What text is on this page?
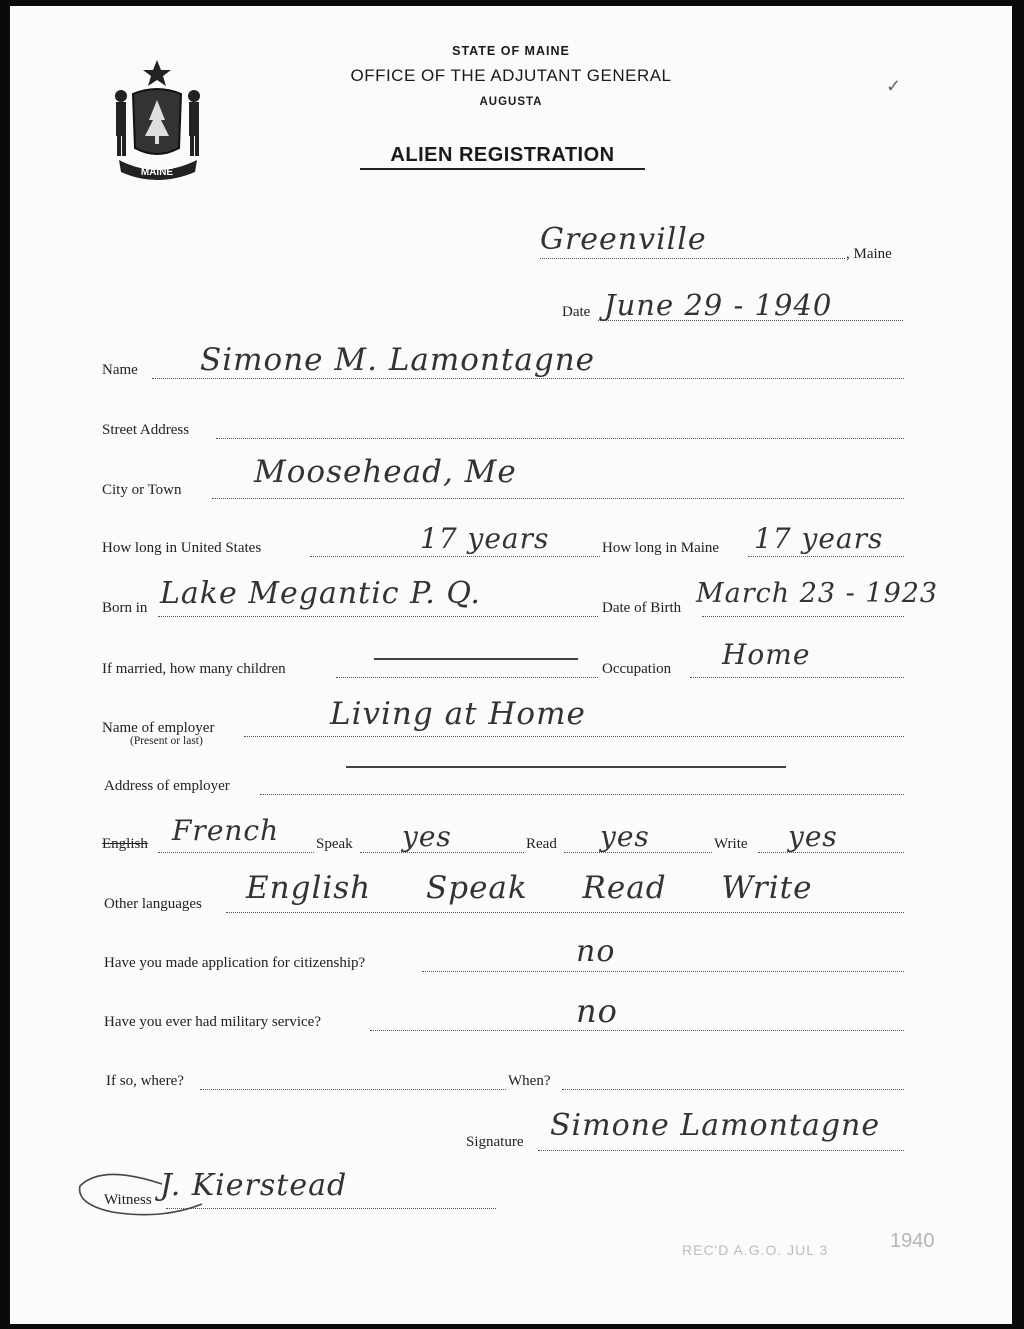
MAINE
STATE OF MAINE
OFFICE OF THE ADJUTANT GENERAL
AUGUSTA
ALIEN REGISTRATION
✓
Greenville	, Maine
Date June 29 - 1940
Name Simone M. Lamontagne
Street Address
City or Town Moosehead, Me
How long in United States	17 years	How long in Maine 17 years
Born in Lake Megantic P. Q.	Date of Birth March 23 - 1923
If married, how many children	Occupation Home
Name of employer
(Present or last)
Living at Home
Address of employer
English French Speak yes	Read yes	Write yes
Other languages English Speak Read Write
Have you made application for citizenship?	no
Have you ever had military service?	no
If so, where?	When?
Signature Simone Lamontagne
Witness J. Kierstead
REC'D A.G.O. JUL 3	1940
